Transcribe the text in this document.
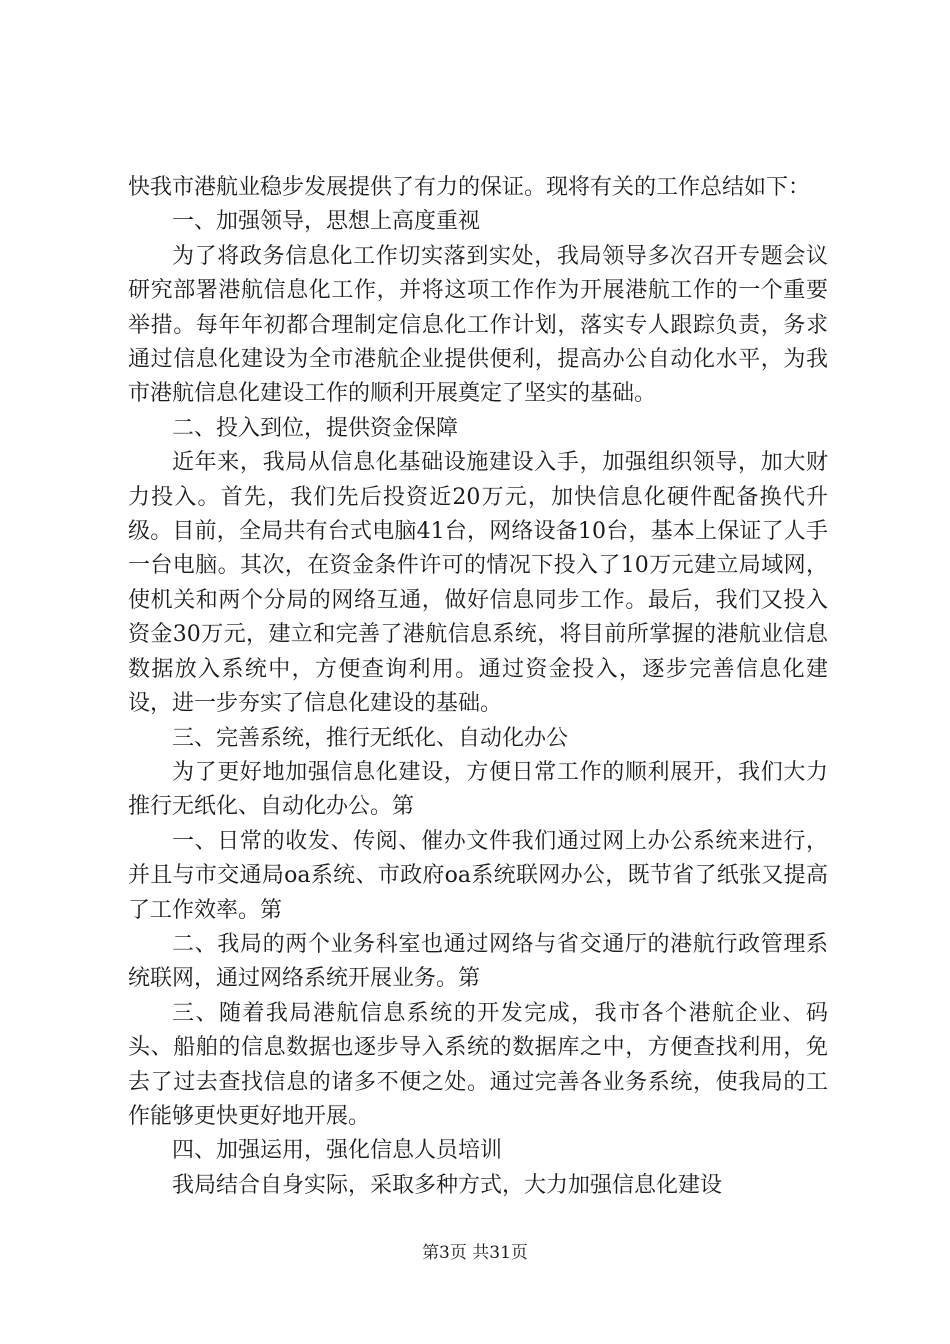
快我市港航业稳步发展提供了有力的保证。现将有关的工作总结如下：

一、加强领导，思想上高度重视

为了将政务信息化工作切实落到实处，我局领导多次召开专题会议研究部署港航信息化工作，并将这项工作作为开展港航工作的一个重要举措。每年年初都合理制定信息化工作计划，落实专人跟踪负责，务求通过信息化建设为全市港航企业提供便利，提高办公自动化水平，为我市港航信息化建设工作的顺利开展奠定了坚实的基础。

二、投入到位，提供资金保障

近年来，我局从信息化基础设施建设入手，加强组织领导，加大财力投入。首先，我们先后投资近20万元，加快信息化硬件配备换代升级。目前，全局共有台式电脑41台，网络设备10台，基本上保证了人手一台电脑。其次，在资金条件许可的情况下投入了10万元建立局域网，使机关和两个分局的网络互通，做好信息同步工作。最后，我们又投入资金30万元，建立和完善了港航信息系统，将目前所掌握的港航业信息数据放入系统中，方便查询利用。通过资金投入，逐步完善信息化建设，进一步夯实了信息化建设的基础。

三、完善系统，推行无纸化、自动化办公

为了更好地加强信息化建设，方便日常工作的顺利展开，我们大力推行无纸化、自动化办公。第

一、日常的收发、传阅、催办文件我们通过网上办公系统来进行，并且与市交通局oa系统、市政府oa系统联网办公，既节省了纸张又提高了工作效率。第

二、我局的两个业务科室也通过网络与省交通厅的港航行政管理系统联网，通过网络系统开展业务。第

三、随着我局港航信息系统的开发完成，我市各个港航企业、码头、船舶的信息数据也逐步导入系统的数据库之中，方便查找利用，免去了过去查找信息的诸多不便之处。通过完善各业务系统，使我局的工作能够更快更好地开展。

四、加强运用，强化信息人员培训

我局结合自身实际，采取多种方式，大力加强信息化建设

第3页 共31页
